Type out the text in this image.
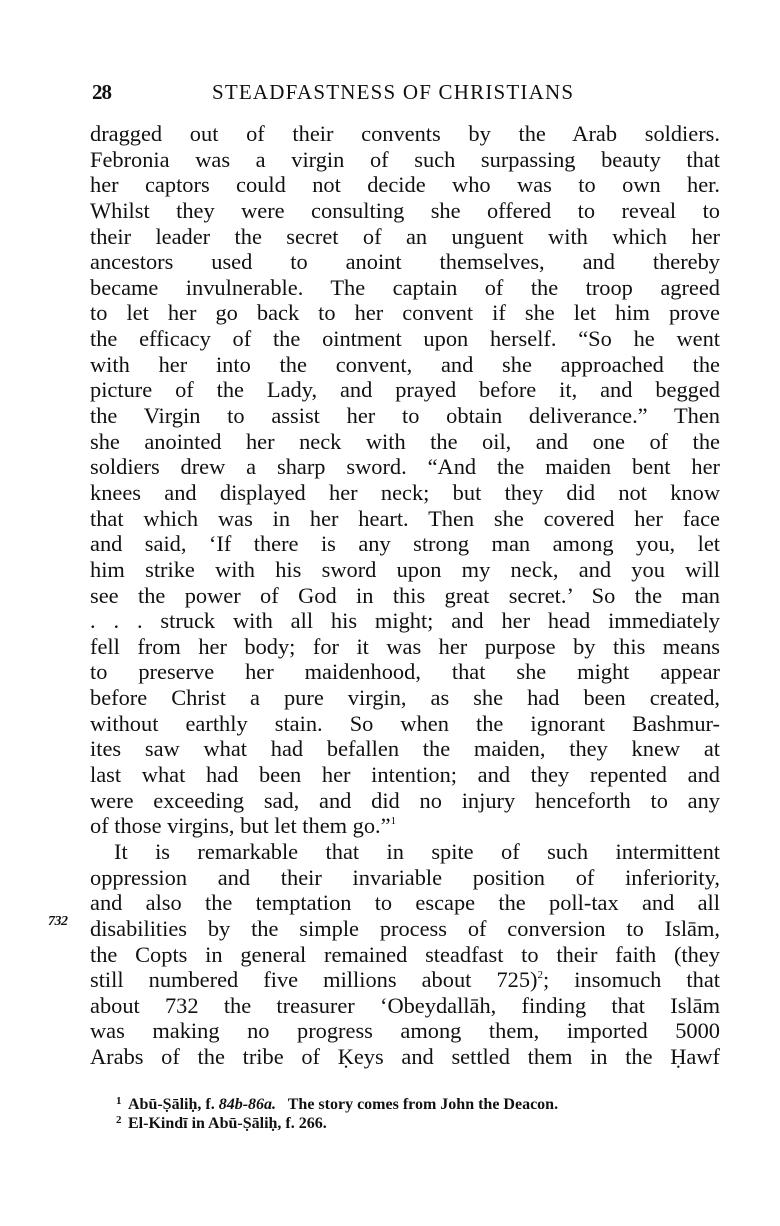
28	STEADFASTNESS OF CHRISTIANS
dragged out of their convents by the Arab soldiers.
Febronia was a virgin of such surpassing beauty that
her captors could not decide who was to own her.
Whilst they were consulting she offered to reveal to
their leader the secret of an unguent with which her
ancestors used to anoint themselves, and thereby
became invulnerable. The captain of the troop agreed
to let her go back to her convent if she let him prove
the efficacy of the ointment upon herself. “So he went
with her into the convent, and she approached the
picture of the Lady, and prayed before it, and begged
the Virgin to assist her to obtain deliverance.” Then
she anointed her neck with the oil, and one of the
soldiers drew a sharp sword. “And the maiden bent her
knees and displayed her neck; but they did not know
that which was in her heart. Then she covered her face
and said, ‘If there is any strong man among you, let
him strike with his sword upon my neck, and you will
see the power of God in this great secret.’ So the man
. . . struck with all his might; and her head immediately
fell from her body; for it was her purpose by this means
to preserve her maidenhood, that she might appear
before Christ a pure virgin, as she had been created,
without earthly stain. So when the ignorant Bashmur-
ites saw what had befallen the maiden, they knew at
last what had been her intention; and they repented and
were exceeding sad, and did no injury henceforth to any
of those virgins, but let them go.”$^1$
It is remarkable that in spite of such intermittent
oppression and their invariable position of inferiority,
and also the temptation to escape the poll-tax and all
disabilities by the simple process of conversion to Islām,
the Copts in general remained steadfast to their faith (they
still numbered five millions about 725)$^2$; insomuch that
about 732 the treasurer ‘Obeydallāh, finding that Islām
was making no progress among them, imported 5000
Arabs of the tribe of Ḳeys and settled them in the Ḥawf
732
1 Abū-Ṣāliḥ, f. 84b-86a.   The story comes from John the Deacon.
2 El-Kindī in Abū-Ṣāliḥ, f. 266.
